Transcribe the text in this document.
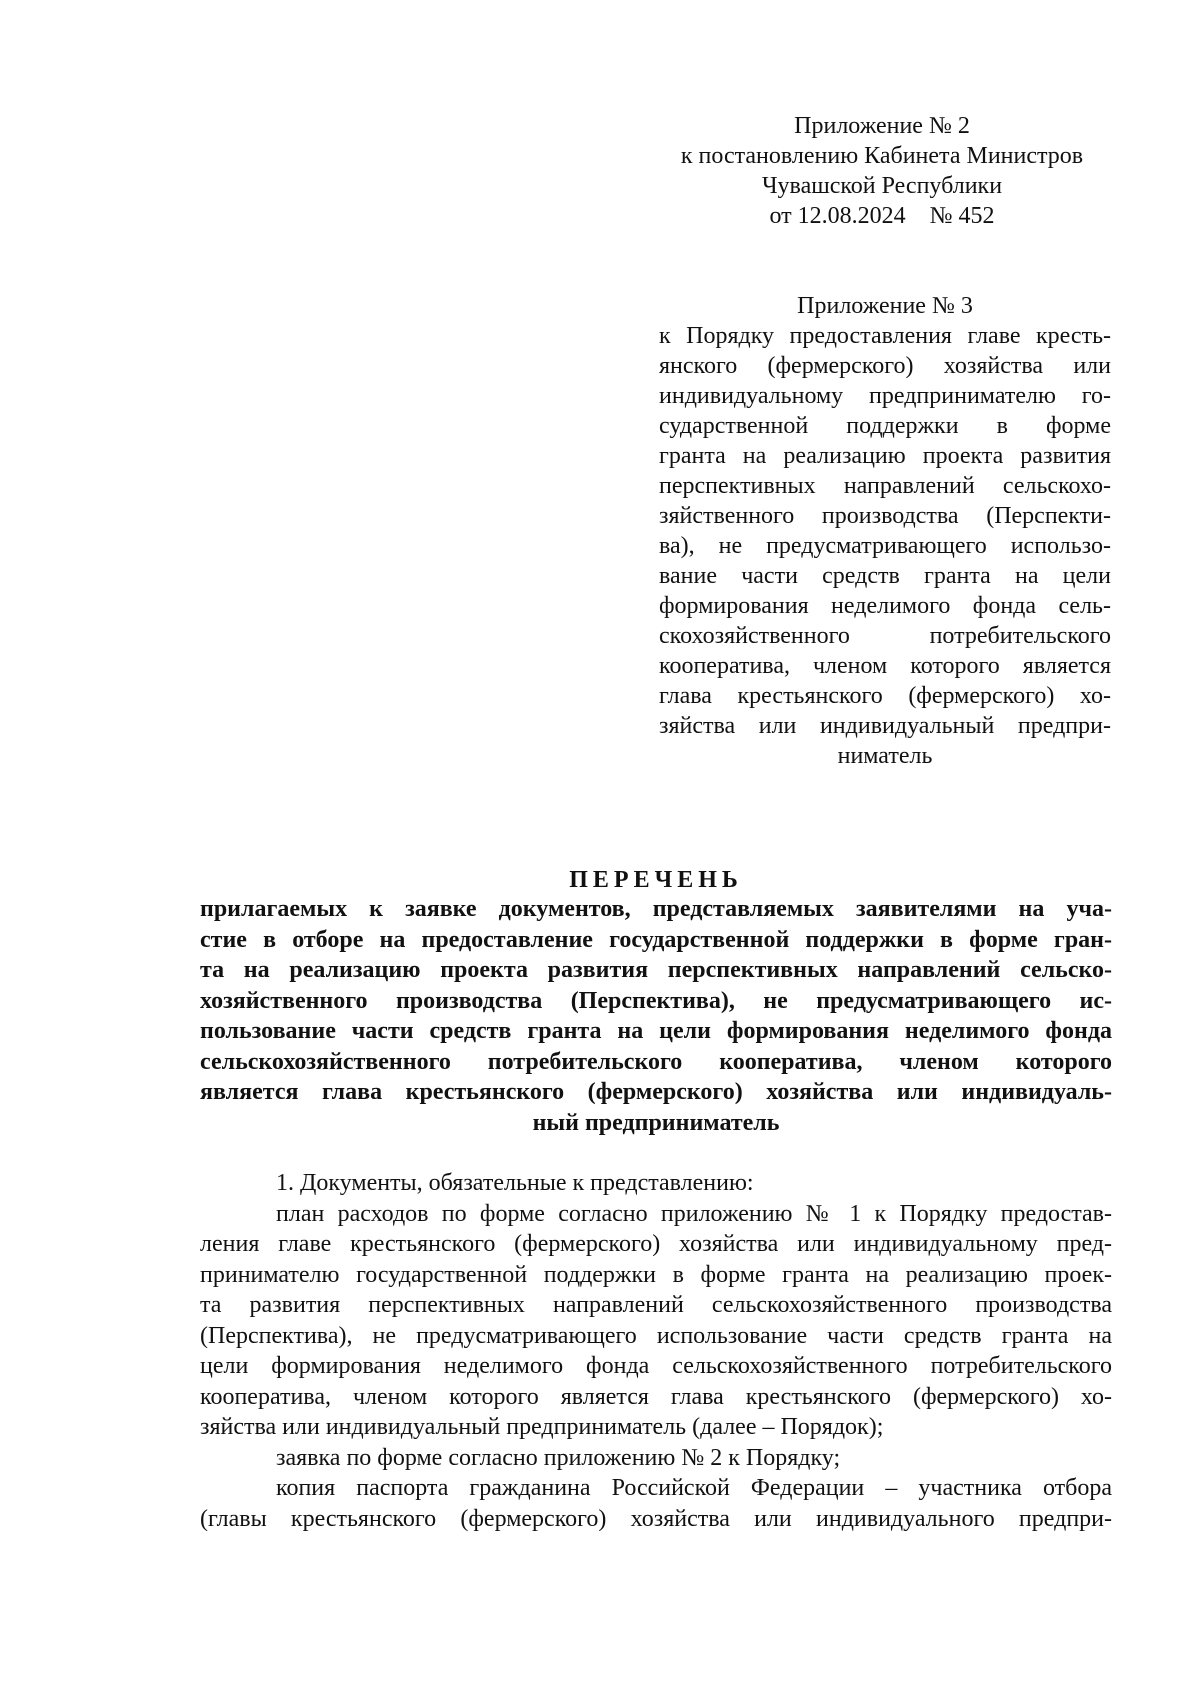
Приложение № 2
к постановлению Кабинета Министров
Чувашской Республики
от 12.08.2024    № 452
Приложение № 3
к Порядку предоставления главе кресть-
янского (фермерского) хозяйства или
индивидуальному предпринимателю го-
сударственной поддержки в форме
гранта на реализацию проекта развития
перспективных направлений сельскохо-
зяйственного производства (Перспекти-
ва), не предусматривающего использо-
вание части средств гранта на цели
формирования неделимого фонда сель-
скохозяйственного потребительского
кооператива, членом которого является
глава крестьянского (фермерского) хо-
зяйства или индивидуальный предпри-
ниматель
ПЕРЕЧЕНЬ
прилагаемых к заявке документов, представляемых заявителями на уча-
стие в отборе на предоставление государственной поддержки в форме гран-
та на реализацию проекта развития перспективных направлений сельско-
хозяйственного производства (Перспектива), не предусматривающего ис-
пользование части средств гранта на цели формирования неделимого фонда
сельскохозяйственного потребительского кооператива, членом которого
является глава крестьянского (фермерского) хозяйства или индивидуаль-
ный предприниматель
1. Документы, обязательные к представлению:
план расходов по форме согласно приложению № 1 к Порядку предостав-
ления главе крестьянского (фермерского) хозяйства или индивидуальному пред-
принимателю государственной поддержки в форме гранта на реализацию проек-
та развития перспективных направлений сельскохозяйственного производства
(Перспектива), не предусматривающего использование части средств гранта на
цели формирования неделимого фонда сельскохозяйственного потребительского
кооператива, членом которого является глава крестьянского (фермерского) хо-
зяйства или индивидуальный предприниматель (далее – Порядок);
заявка по форме согласно приложению № 2 к Порядку;
копия паспорта гражданина Российской Федерации – участника отбора
(главы крестьянского (фермерского) хозяйства или индивидуального предпри-
